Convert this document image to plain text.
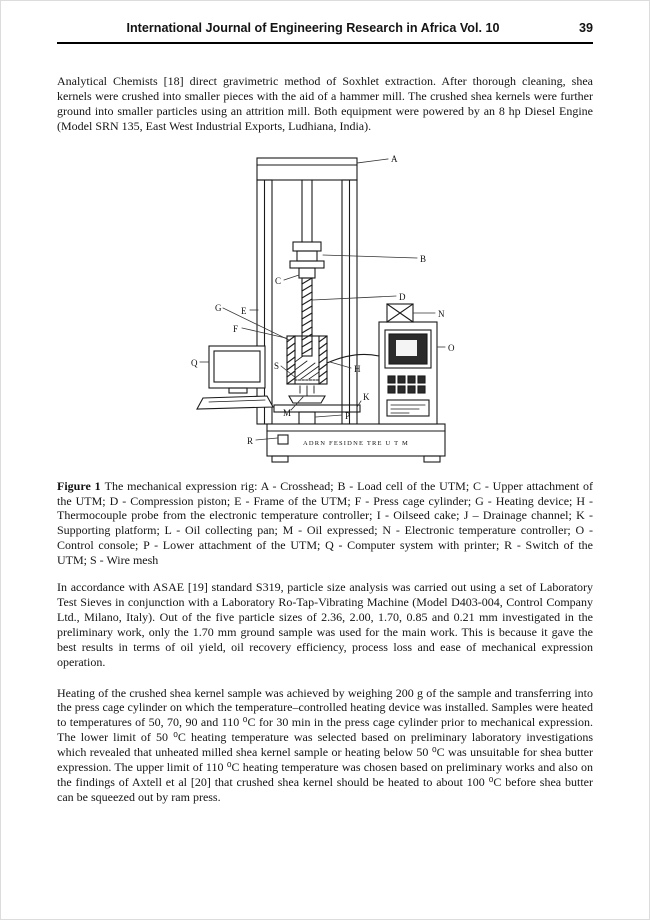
International Journal of Engineering Research in Africa Vol. 10	39

Analytical Chemists [18] direct gravimetric method of Soxhlet extraction. After thorough cleaning, shea kernels were crushed into smaller pieces with the aid of a hammer mill. The crushed shea kernels were further ground into smaller particles using an attrition mill. Both equipment were powered by an 8 hp Diesel Engine (Model SRN 135, East West Industrial Exports, Ludhiana, India).

A
B
C
D
E
F
G
H
K
M
N
O
P
Q
R
S
ADRN FESIDNE TRE U T M

Figure 1 The mechanical expression rig: A - Crosshead; B - Load cell of the UTM; C - Upper attachment of the UTM; D - Compression piston; E - Frame of the UTM; F - Press cage cylinder; G - Heating device; H - Thermocouple probe from the electronic temperature controller; I - Oilseed cake; J – Drainage channel; K - Supporting platform; L - Oil collecting pan; M - Oil expressed; N - Electronic temperature controller; O - Control console; P - Lower attachment of the UTM; Q - Computer system with printer; R - Switch of the UTM; S - Wire mesh

In accordance with ASAE [19] standard S319, particle size analysis was carried out using a set of Laboratory Test Sieves in conjunction with a Laboratory Ro-Tap-Vibrating Machine (Model D403-004, Control Company Ltd., Milano, Italy). Out of the five particle sizes of 2.36, 2.00, 1.70, 0.85 and 0.21 mm investigated in the preliminary work, only the 1.70 mm ground sample was used for the main work. This is because it gave the best results in terms of oil yield, oil recovery efficiency, process loss and ease of mechanical expression operation.

Heating of the crushed shea kernel sample was achieved by weighing 200 g of the sample and transferring into the press cage cylinder on which the temperature–controlled heating device was installed. Samples were heated to temperatures of 50, 70, 90 and 110 ⁰C for 30 min in the press cage cylinder prior to mechanical expression. The lower limit of 50 ⁰C heating temperature was selected based on preliminary laboratory investigations which revealed that unheated milled shea kernel sample or heating below 50 ⁰C was unsuitable for shea butter expression. The upper limit of 110 ⁰C heating temperature was chosen based on preliminary works and also on the findings of Axtell et al [20] that crushed shea kernel should be heated to about 100 ⁰C before shea butter can be squeezed out by ram press.
